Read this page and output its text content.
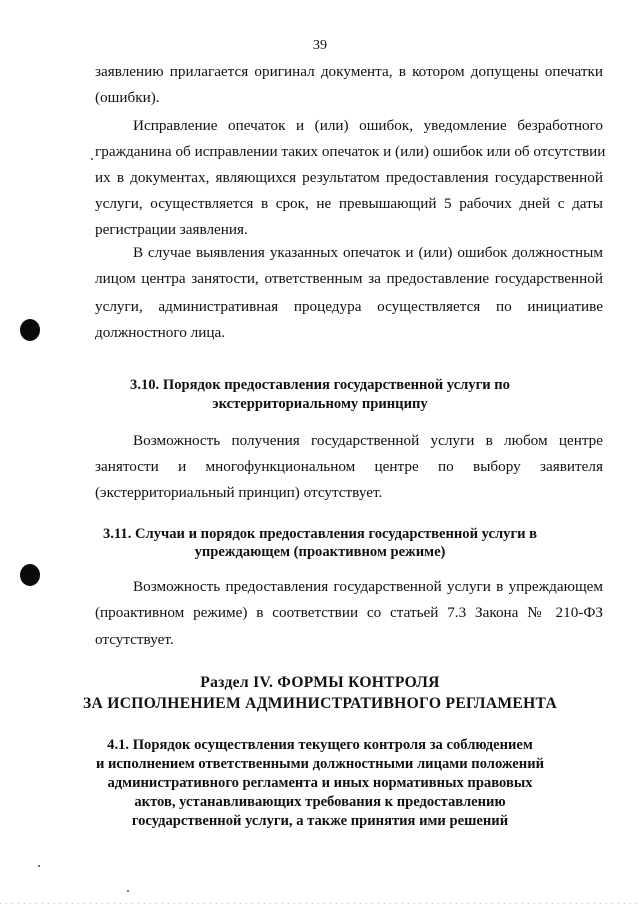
39
заявлению прилагается оригинал документа, в котором допущены опечатки
(ошибки).
Исправление опечаток и (или) ошибок, уведомление безработного
гражданина об исправлении таких опечаток и (или) ошибок или об отсутствии
их в документах, являющихся результатом предоставления государственной
услуги, осуществляется в срок, не превышающий 5 рабочих дней с даты
регистрации заявления.
В случае выявления указанных опечаток и (или) ошибок должностным
лицом центра занятости, ответственным за предоставление государственной
услуги, административная процедура осуществляется по инициативе
должностного лица.
3.10. Порядок предоставления государственной услуги по
экстерриториальному принципу
Возможность получения государственной услуги в любом центре
занятости и многофункциональном центре по выбору заявителя
(экстерриториальный принцип) отсутствует.
3.11. Случаи и порядок предоставления государственной услуги в
упреждающем (проактивном режиме)
Возможность предоставления государственной услуги в упреждающем
(проактивном режиме) в соответствии со статьей 7.3 Закона № 210-ФЗ
отсутствует.
Раздел IV. ФОРМЫ КОНТРОЛЯ
ЗА ИСПОЛНЕНИЕМ АДМИНИСТРАТИВНОГО РЕГЛАМЕНТА
4.1. Порядок осуществления текущего контроля за соблюдением
и исполнением ответственными должностными лицами положений
административного регламента и иных нормативных правовых
актов, устанавливающих требования к предоставлению
государственной услуги, а также принятия ими решений
